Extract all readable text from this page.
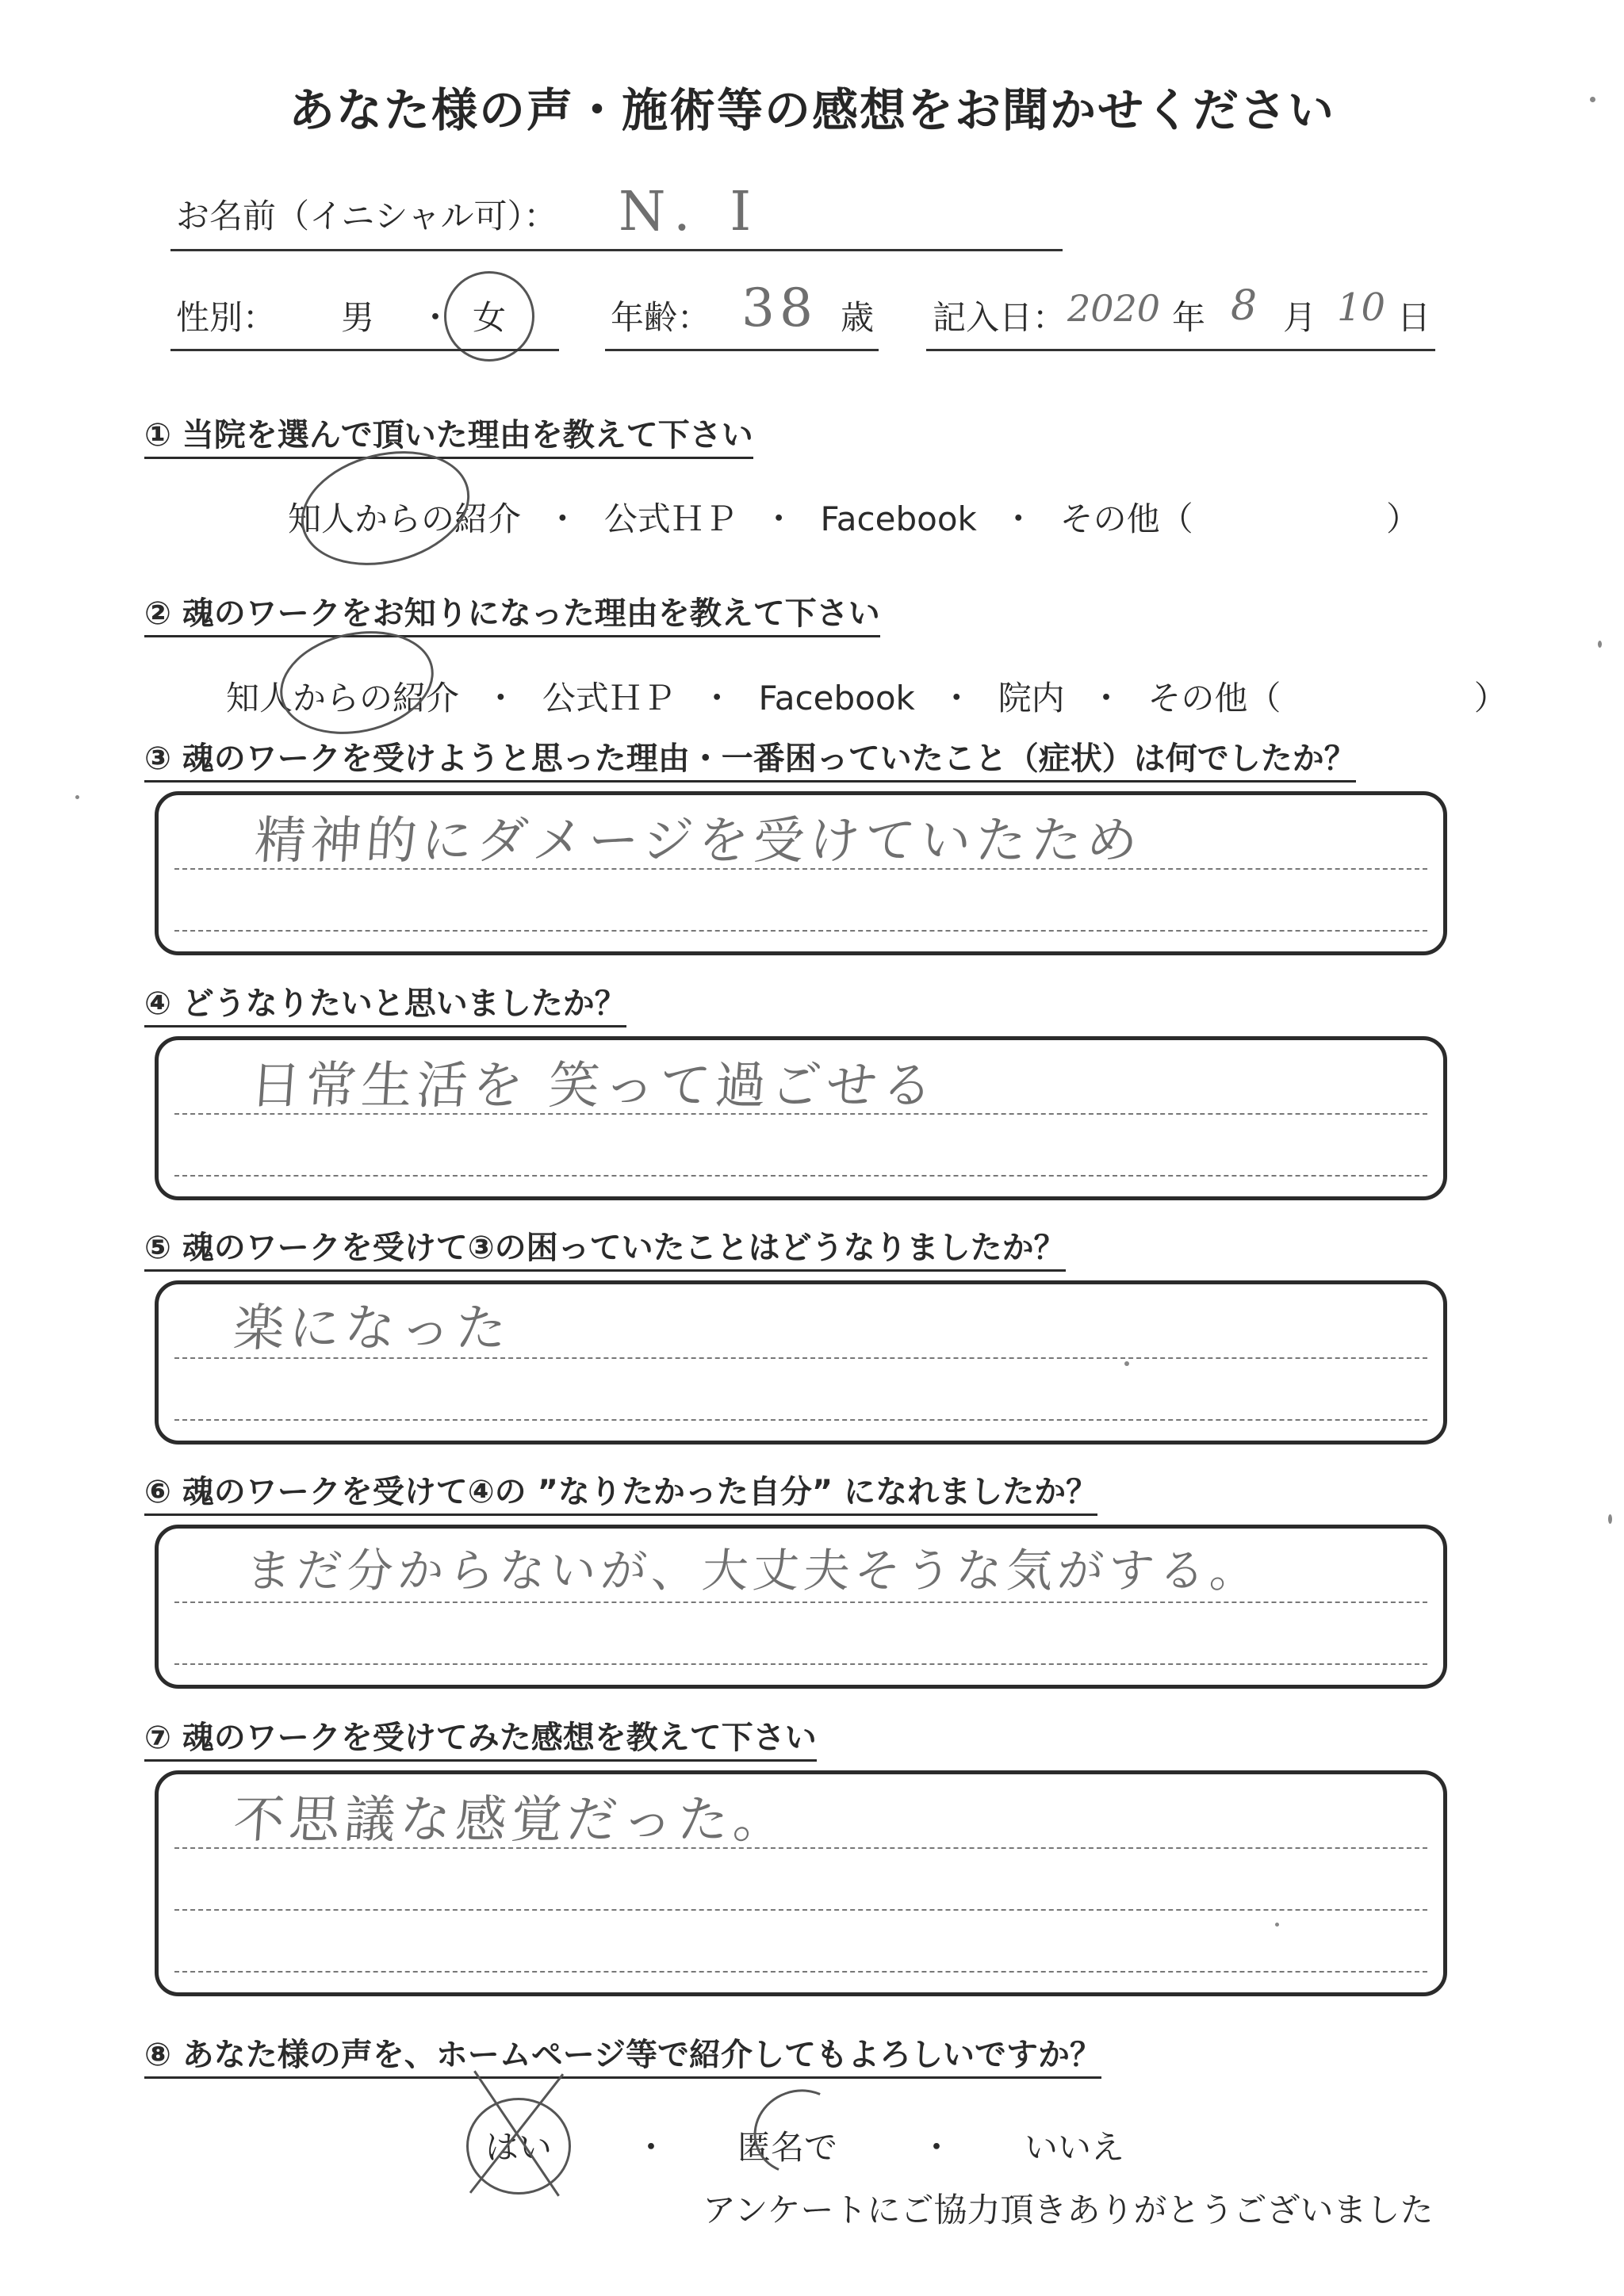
あなた様の声・施術等の感想をお聞かせください
お名前（イニシャル可）： N. I
性別： 男 ・ 女	年齢： 38 歳 記入日： 2020 年 8 月 10 日
① 当院を選んで頂いた理由を教えて下さい
知人からの紹介 ・ 公式ＨＰ ・ Facebook ・ その他（	）
② 魂のワークをお知りになった理由を教えて下さい
知人からの紹介 ・ 公式ＨＰ ・ Facebook ・ 院内 ・ その他（	）
③ 魂のワークを受けようと思った理由・一番困っていたこと（症状）は何でしたか？
精神的にダメージを受けていたため
④ どうなりたいと思いましたか？
日常生活を 笑って過ごせる
⑤ 魂のワークを受けて③の困っていたことはどうなりましたか？
楽になった
⑥ 魂のワークを受けて④の ”なりたかった自分” になれましたか？
まだ分からないが、大丈夫そうな気がする。
⑦ 魂のワークを受けてみた感想を教えて下さい
不思議な感覚だった。
⑧ あなた様の声を、ホームページ等で紹介してもよろしいですか？
はい ・ 匿名で ・ いいえ
アンケートにご協力頂きありがとうございました
